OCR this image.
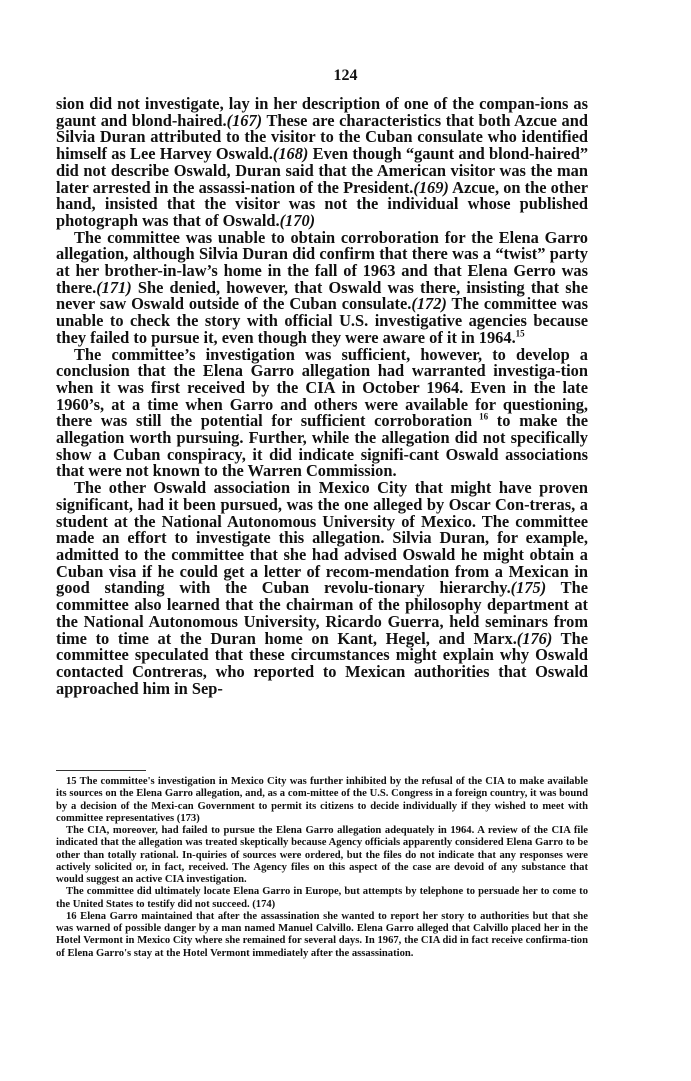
124

sion did not investigate, lay in her description of one of the compan-ions as gaunt and blond-haired.(167) These are characteristics that both Azcue and Silvia Duran attributed to the visitor to the Cuban consulate who identified himself as Lee Harvey Oswald.(168) Even though “gaunt and blond-haired” did not describe Oswald, Duran said that the American visitor was the man later arrested in the assassi-nation of the President.(169) Azcue, on the other hand, insisted that the visitor was not the individual whose published photograph was that of Oswald.(170)

The committee was unable to obtain corroboration for the Elena Garro allegation, although Silvia Duran did confirm that there was a “twist” party at her brother-in-law’s home in the fall of 1963 and that Elena Gerro was there.(171) She denied, however, that Oswald was there, insisting that she never saw Oswald outside of the Cuban consulate.(172) The committee was unable to check the story with official U.S. investigative agencies because they failed to pursue it, even though they were aware of it in 1964.15

The committee’s investigation was sufficient, however, to develop a conclusion that the Elena Garro allegation had warranted investiga-tion when it was first received by the CIA in October 1964. Even in the late 1960’s, at a time when Garro and others were available for questioning, there was still the potential for sufficient corroboration $^{16}$ to make the allegation worth pursuing. Further, while the allegation did not specifically show a Cuban conspiracy, it did indicate signifi-cant Oswald associations that were not known to the Warren Commission.

The other Oswald association in Mexico City that might have proven significant, had it been pursued, was the one alleged by Oscar Con-treras, a student at the National Autonomous University of Mexico. The committee made an effort to investigate this allegation. Silvia Duran, for example, admitted to the committee that she had advised Oswald he might obtain a Cuban visa if he could get a letter of recom-mendation from a Mexican in good standing with the Cuban revolu-tionary hierarchy.(175) The committee also learned that the chairman of the philosophy department at the National Autonomous University, Ricardo Guerra, held seminars from time to time at the Duran home on Kant, Hegel, and Marx.(176) The committee speculated that these circumstances might explain why Oswald contacted Contreras, who reported to Mexican authorities that Oswald approached him in Sep-

15 The committee's investigation in Mexico City was further inhibited by the refusal of the CIA to make available its sources on the Elena Garro allegation, and, as a com-mittee of the U.S. Congress in a foreign country, it was bound by a decision of the Mexi-can Government to permit its citizens to decide individually if they wished to meet with committee representatives (173)

The CIA, moreover, had failed to pursue the Elena Garro allegation adequately in 1964. A review of the CIA file indicated that the allegation was treated skeptically because Agency officials apparently considered Elena Garro to be other than totally rational. In-quiries of sources were ordered, but the files do not indicate that any responses were actively solicited or, in fact, received. The Agency files on this aspect of the case are devoid of any substance that would suggest an active CIA investigation.

The committee did ultimately locate Elena Garro in Europe, but attempts by telephone to persuade her to come to the United States to testify did not succeed. (174)

16 Elena Garro maintained that after the assassination she wanted to report her story to authorities but that she was warned of possible danger by a man named Manuel Calvillo. Elena Garro alleged that Calvillo placed her in the Hotel Vermont in Mexico City where she remained for several days. In 1967, the CIA did in fact receive confirma-tion of Elena Garro's stay at the Hotel Vermont immediately after the assassination.
